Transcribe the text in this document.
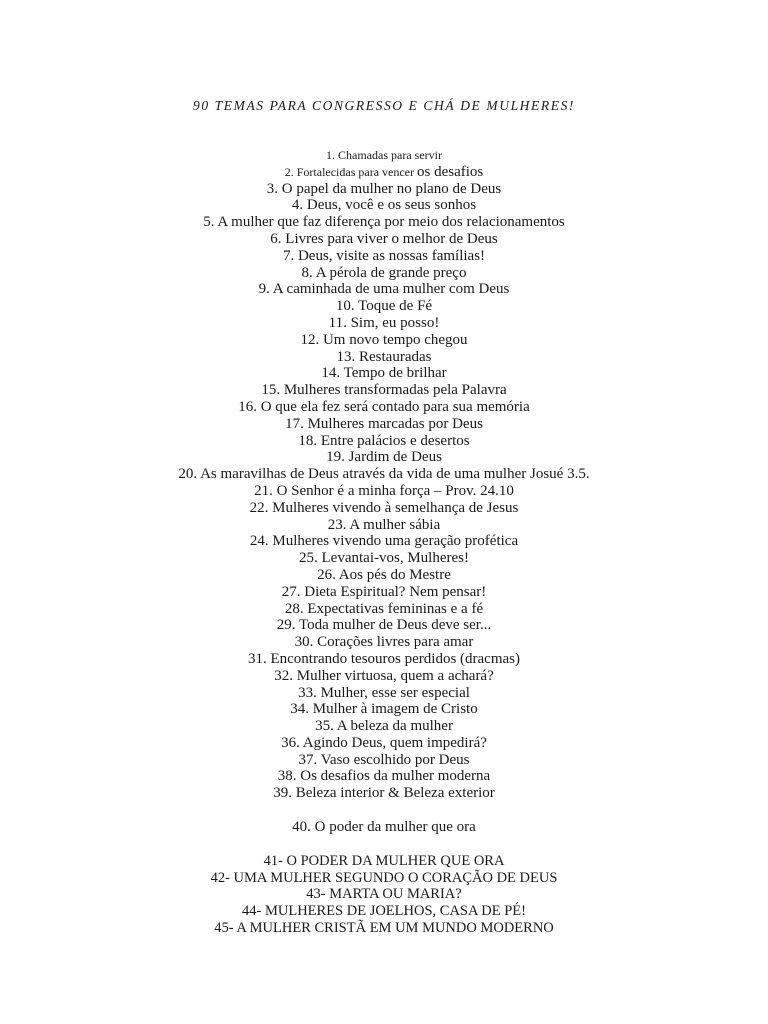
90 TEMAS PARA CONGRESSO E CHÁ DE MULHERES!
1. Chamadas para servir
2. Fortalecidas para vencer os desafios
3. O papel da mulher no plano de Deus
4. Deus, você e os seus sonhos
5. A mulher que faz diferença por meio dos relacionamentos
6. Livres para viver o melhor de Deus
7. Deus, visite as nossas famílias!
8. A pérola de grande preço
9. A caminhada de uma mulher com Deus
10. Toque de Fé
11. Sim, eu posso!
12. Um novo tempo chegou
13. Restauradas
14. Tempo de brilhar
15. Mulheres transformadas pela Palavra
16. O que ela fez será contado para sua memória
17. Mulheres marcadas por Deus
18. Entre palácios e desertos
19. Jardim de Deus
20. As maravilhas de Deus através da vida de uma mulher Josué 3.5.
21. O Senhor é a minha força – Prov. 24.10
22. Mulheres vivendo à semelhança de Jesus
23. A mulher sábia
24. Mulheres vivendo uma geração profética
25. Levantai-vos, Mulheres!
26. Aos pés do Mestre
27. Dieta Espiritual? Nem pensar!
28. Expectativas femininas e a fé
29. Toda mulher de Deus deve ser...
30. Corações livres para amar
31. Encontrando tesouros perdidos (dracmas)
32. Mulher virtuosa, quem a achará?
33. Mulher, esse ser especial
34. Mulher à imagem de Cristo
35. A beleza da mulher
36. Agindo Deus, quem impedirá?
37. Vaso escolhido por Deus
38. Os desafios da mulher moderna
39. Beleza interior & Beleza exterior
40. O poder da mulher que ora
41- O PODER DA MULHER QUE ORA
42- UMA MULHER SEGUNDO O CORAÇÃO DE DEUS
43- MARTA OU MARIA?
44- MULHERES DE JOELHOS, CASA DE PÉ!
45- A MULHER CRISTÃ EM UM MUNDO MODERNO
